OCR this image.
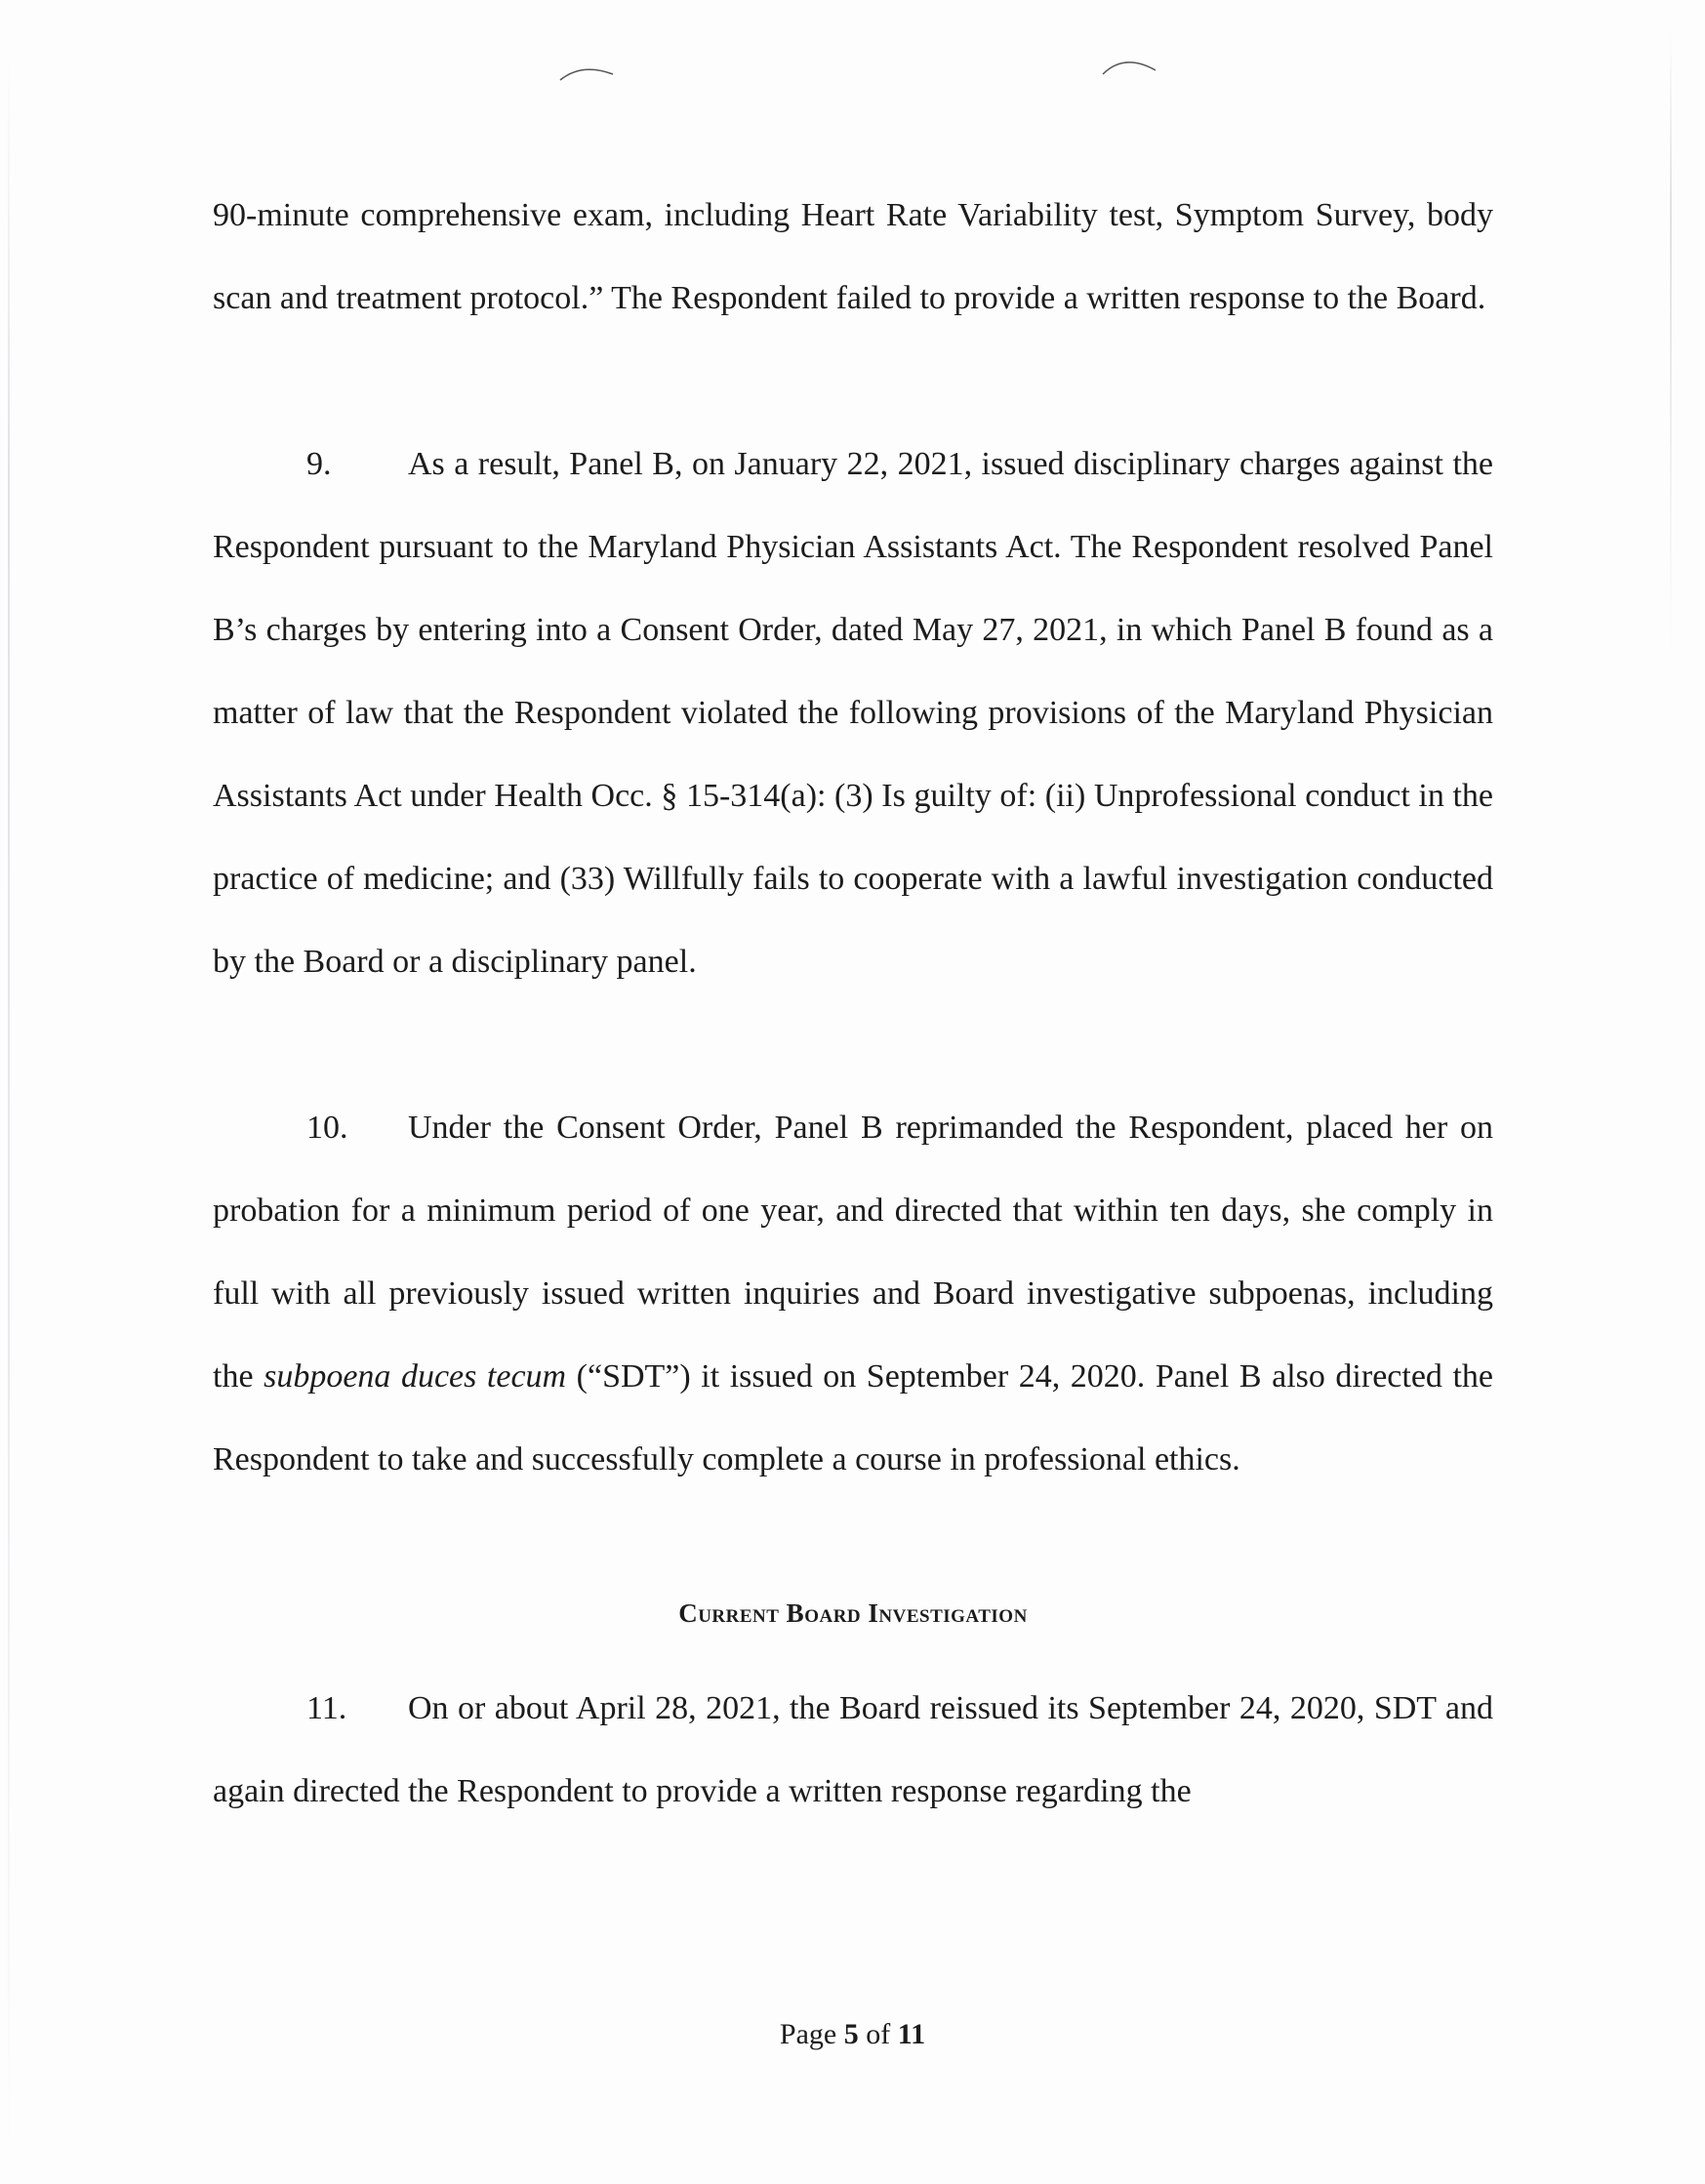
90-minute comprehensive exam, including Heart Rate Variability test, Symptom Survey, body scan and treatment protocol.” The Respondent failed to provide a written response to the Board.

9. As a result, Panel B, on January 22, 2021, issued disciplinary charges against the Respondent pursuant to the Maryland Physician Assistants Act. The Respondent resolved Panel B’s charges by entering into a Consent Order, dated May 27, 2021, in which Panel B found as a matter of law that the Respondent violated the following provisions of the Maryland Physician Assistants Act under Health Occ. § 15-314(a): (3) Is guilty of: (ii) Unprofessional conduct in the practice of medicine; and (33) Willfully fails to cooperate with a lawful investigation conducted by the Board or a disciplinary panel.

10. Under the Consent Order, Panel B reprimanded the Respondent, placed her on probation for a minimum period of one year, and directed that within ten days, she comply in full with all previously issued written inquiries and Board investigative subpoenas, including the subpoena duces tecum (“SDT”) it issued on September 24, 2020. Panel B also directed the Respondent to take and successfully complete a course in professional ethics.

Current Board Investigation

11. On or about April 28, 2021, the Board reissued its September 24, 2020, SDT and again directed the Respondent to provide a written response regarding the

Page 5 of 11
